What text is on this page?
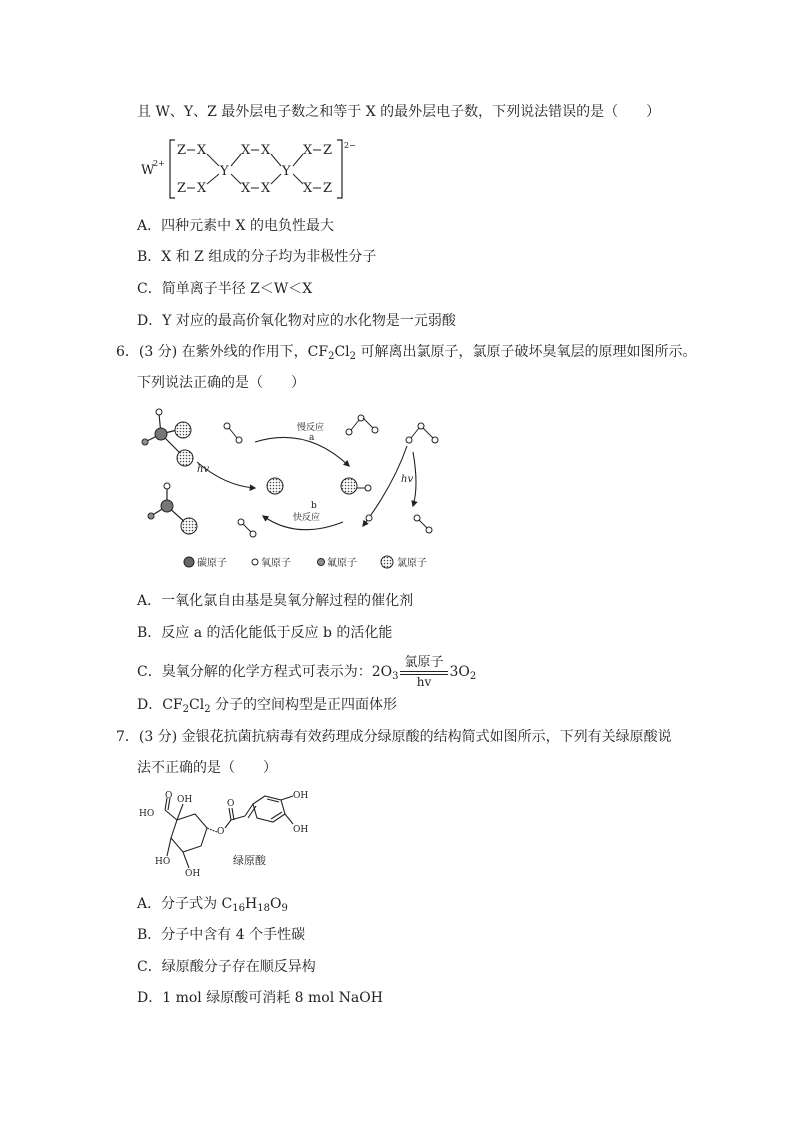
且 W、Y、Z 最外层电子数之和等于 X 的最外层电子数，下列说法错误的是（　　）
W
2+
2−
Z X
Z X
Y
X X
X X
Y
X Z
X Z
A．四种元素中 X 的电负性最大
B．X 和 Z 组成的分子均为非极性分子
C．简单离子半径 Z＜W＜X
D．Y 对应的最高价氧化物对应的水化物是一元弱酸
6．(3 分) 在紫外线的作用下，$CF_2Cl_2$ 可解离出氯原子，氯原子破坏臭氧层的原理如图所示。
下列说法正确的是（　　）
hv
慢反应
a
b
快反应
hv
碳原子	氧原子	氟原子	氯原子
A．一氧化氯自由基是臭氧分解过程的催化剂
B．反应 a 的活化能低于反应 b 的活化能
C．臭氧分解的化学方程式可表示为：$2O_3 \frac{\text{氯原子}}{hv} 3O_2$
D．$CF_2Cl_2$ 分子的空间构型是正四面体形
7．(3 分) 金银花抗菌抗病毒有效药理成分绿原酸的结构简式如图所示，下列有关绿原酸说
法不正确的是（　　）
OH
HO
O
HO
OH
O
O
OH
OH
绿原酸
A．分子式为 $C_{16}H_{18}O_9$
B．分子中含有 4 个手性碳
C．绿原酸分子存在顺反异构
D．1 mol 绿原酸可消耗 8 mol NaOH
